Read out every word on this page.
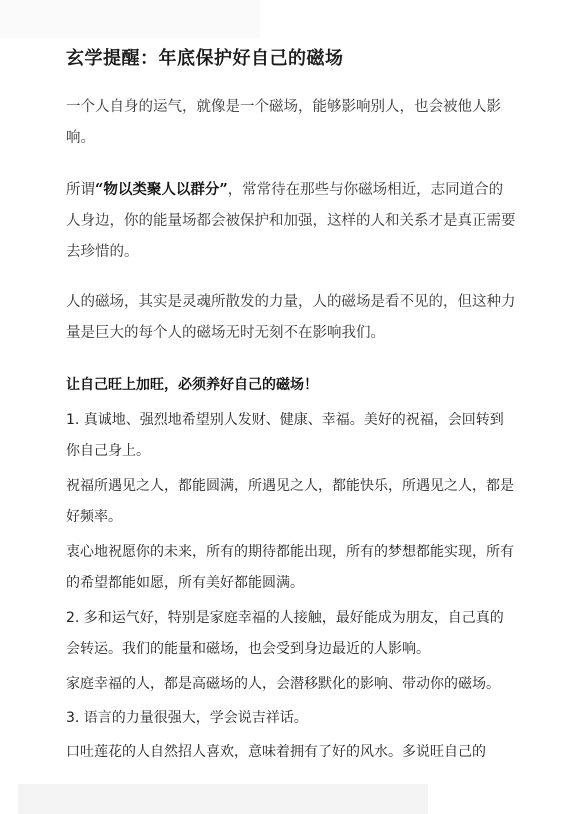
玄学提醒：年底保护好自己的磁场

一个人自身的运气，就像是一个磁场，能够影响别人，也会被他人影响。

所谓“物以类聚人以群分”，常常待在那些与你磁场相近，志同道合的人身边，你的能量场都会被保护和加强，这样的人和关系才是真正需要去珍惜的。

人的磁场，其实是灵魂所散发的力量，人的磁场是看不见的，但这种力量是巨大的每个人的磁场无时无刻不在影响我们。

让自己旺上加旺，必须养好自己的磁场！

1. 真诚地、强烈地希望别人发财、健康、幸福。美好的祝福，会回转到你自己身上。

祝福所遇见之人，都能圆满，所遇见之人，都能快乐，所遇见之人，都是好频率。

衷心地祝愿你的未来，所有的期待都能出现，所有的梦想都能实现，所有的希望都能如愿，所有美好都能圆满。

2. 多和运气好，特别是家庭幸福的人接触，最好能成为朋友，自己真的会转运。我们的能量和磁场，也会受到身边最近的人影响。

家庭幸福的人，都是高磁场的人，会潜移默化的影响、带动你的磁场。

3. 语言的力量很强大，学会说吉祥话。

口吐莲花的人自然招人喜欢，意味着拥有了好的风水。多说旺自己的
